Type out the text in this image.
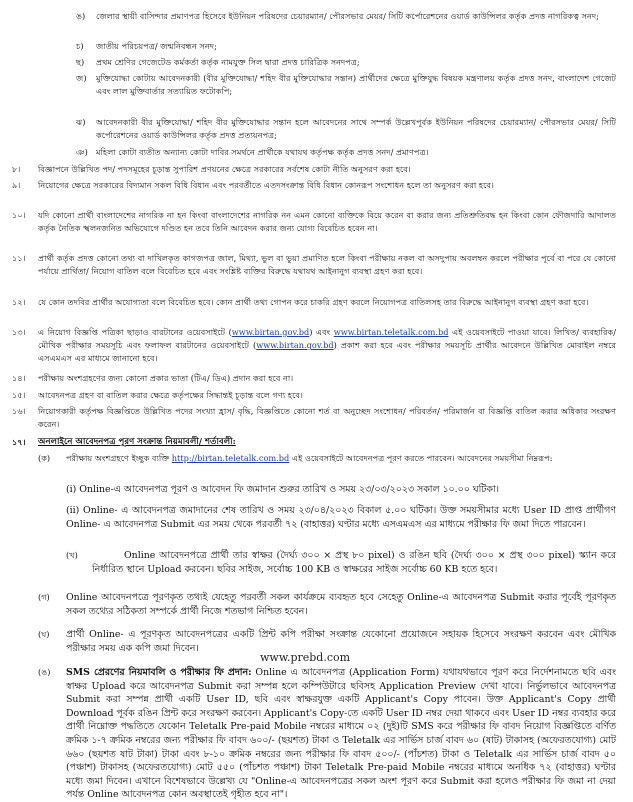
ঙ) জেলার স্থায়ী বাসিন্দার প্রমাণপত্র হিসেবে ইউনিয়ন পরিষদের চেয়ারম্যান/ পৌরসভার মেয়র/ সিটি কর্পোরেশনের ওয়ার্ড কাউন্সিলর কর্তৃক প্রদত্ত নাগরিকত্ব সনদ;
চ) জাতীয় পরিচয়পত্র/ জন্মনিবন্ধন সনদ;
ছ) প্রথম শ্রেণির গেজেটেড কর্মকর্তা কর্তৃক নামযুক্ত সিল দ্বারা প্রদত্ত চারিত্রিক সনদপত্র;
জ) মুক্তিযোদ্ধা কোটায় আবেদনকারী (বীর মুক্তিযোদ্ধা/ শহিদ বীর মুক্তিযোদ্ধার সন্তান) প্রার্থীদের ক্ষেত্রে মুক্তিযুদ্ধ বিষয়ক মন্ত্রণালয় কর্তৃক প্রদত্ত সনদ, বাংলাদেশ গেজেট এবং লাল মুক্তিবার্তার সত্যায়িত ফটোকপি;
ঝ) আবেদনকারী বীর মুক্তিযোদ্ধা/ শহিদ বীর মুক্তিযোদ্ধার সন্তান হলে আবেদনের সাথে সম্পর্ক উল্লেখপূর্বক ইউনিয়ন পরিষদের চেয়ারম্যান/ পৌরসভার মেয়র/ সিটি কর্পোরেশনের ওয়ার্ড কাউন্সিলর কর্তৃক প্রদত্ত প্রত্যয়নপত্র;
ঞ) মহিলা কোটা ব্যতীত অন্যান্য কোটা দাবির সমর্থনে প্রার্থীকে যথাযথ কর্তৃপক্ষ কর্তৃক প্রদত্ত সনদ/ প্রমাণপত্র।
৮।	বিজ্ঞাপনে উল্লিখিত পদ/ পদসমূহের চূড়ান্ত সুপারিশ প্রণয়নের ক্ষেত্রে সরকারের সর্বশেষ কোটা নীতি অনুসরণ করা হবে।
৯।	নিয়োগের ক্ষেত্রে সরকারের বিদ্যমান সকল বিধি বিধান এবং পরবর্তীতে এতদসংক্রান্ত বিধি বিধান কোনরূপ সংশোধন হলে তা অনুসরণ করা হবে।
১০।	যদি কোনো প্রার্থী বাংলাদেশের নাগরিক না হন কিংবা বাংলাদেশের নাগরিক নন এমন কোনো ব্যক্তিকে বিয়ে করেন বা করার জন্য প্রতিশ্রুতিবদ্ধ হন কিংবা কোন ফৌজদারি আদালত কর্তৃক নৈতিক স্খলনজনিত অভিযোগে দণ্ডিত হন তবে তিনি আবেদন করার জন্য যোগ্য বিবেচিত হবেন না।
১১।	প্রার্থী কর্তৃক প্রদত্ত কোনো তথ্য বা দাখিলকৃত কাগজপত্র জাল, মিথ্যা, ভুল বা ভুয়া প্রমাণিত হলে কিংবা পরীক্ষায় নকল বা অসদুপায় অবলম্বন করলে পরীক্ষার পূর্বে বা পরে যে কোনো পর্যায়ে প্রার্থিতা/ নিয়োগ বাতিল বলে বিবেচিত হবে এবং সংশ্লিষ্ট ব্যক্তির বিরুদ্ধে যথাযথ আইনানুগ ব্যবস্থা গ্রহণ করা হবে।
১২।	যে কোন তদবির প্রার্থীর অযোগ্যতা বলে বিবেচিত হবে। কোন প্রার্থী তথ্য গোপন করে চাকরি গ্রহণ করলে নিয়োগপত্র বাতিলসহ তার বিরুদ্ধে আইনানুগ ব্যবস্থা গ্রহণ করা হবে।
১৩।	এ নিয়োগ বিজ্ঞপ্তি পত্রিকা ছাড়াও বারটানের ওয়েবসাইটে (www.birtan.gov.bd) এবং www.birtan.teletalk.com.bd এই ওয়েবসাইটে পাওয়া যাবে। লিখিত/ ব্যবহারিক/ মৌখিক পরীক্ষার সময়সূচি এবং ফলাফল বারটানের ওয়েবসাইটে (www.birtan.gov.bd) প্রকাশ করা হবে এবং পরীক্ষার সময়সূচি প্রার্থীর আবেদনে উল্লিখিত মোবাইল নম্বরে এসএমএস এর মাধ্যমে জানানো হবে।
১৪।	পরীক্ষায় অংশগ্রহণের জন্য কোনো প্রকার ভাতা (টিএ/ ডিএ) প্রদান করা হবে না।
১৫।	আবেদনপত্র গ্রহণ বা বাতিল করার ক্ষেত্রে কর্তৃপক্ষের সিদ্ধান্তই চূড়ান্ত বলে গণ্য হবে।
১৬।	নিয়োগকারী কর্তৃপক্ষ বিজ্ঞপ্তিতে উল্লিখিত পদের সংখ্যা হ্রাস/ বৃদ্ধি, বিজ্ঞপ্তিতে কোনো শর্ত বা অনুচ্ছেদ সংশোধন/ পরিবর্তন/ পরিমার্জন বা বিজ্ঞপ্তি বাতিল করার অধিকার সংরক্ষণ করেন।
১৭।	অনলাইনে আবেদনপত্র পূরণ সংক্রান্ত নিয়মাবলী/ শর্তাবলী:
(ক) পরীক্ষায় অংশগ্রহণে ইচ্ছুক ব্যক্তি http://birtan.teletalk.com.bd এই ওয়েবসাইটে আবেদনপত্র পূরণ করতে পারবেন। আবেদনের সময়সীমা নিম্নরূপ:
(i) Online-এ আবেদনপত্র পূরণ ও আবেদন ফি জমাদান শুরুর তারিখ ও সময় ২৩/০৩/২০২৩ সকাল ১০.০০ ঘটিকা।
(ii) Online- এ আবেদনপত্র জমাদানের শেষ তারিখ ও সময় ২৩/০৪/২০২৩ বিকাল ৫.০০ ঘটিকা। উক্ত সময়সীমার মধ্যে User ID প্রাপ্ত প্রার্থীগণ Online- এ আবেদনপত্র Submit এর সময় থেকে পরবর্তী ৭২ (বাহাত্তর) ঘণ্টার মধ্যে এসএমএস এর মাধ্যমে পরীক্ষার ফি জমা দিতে পারবেন।
(খ)	Online আবেদনপত্রে প্রার্থী তার স্বাক্ষর (দৈর্ঘ্য ৩০০ × প্রস্থ ৮০ pixel) ও রঙিন ছবি (দৈর্ঘ্য ৩০০ × প্রস্থ ৩০০ pixel) স্ক্যান করে নির্ধারিত স্থানে Upload করবেন। ছবির সাইজ, সর্বোচ্চ 100 KB ও স্বাক্ষরের সাইজ সর্বোচ্চ 60 KB হতে হবে।
(গ) Online আবেদনপত্রে পূরণকৃত তথ্যই যেহেতু পরবর্তী সকল কার্যক্রমে ব্যবহৃত হবে সেহেতু Online-এ আবেদনপত্র Submit করার পূর্বেই পূরণকৃত সকল তথ্যের সঠিকতা সম্পর্কে প্রার্থী নিজে শতভাগ নিশ্চিত হবেন।
(ঘ) প্রার্থী Online- এ পূরণকৃত আবেদনপত্রের একটি প্রিন্ট কপি পরীক্ষা সংক্রান্ত যেকোনো প্রয়োজনে সহায়ক হিসেবে সংরক্ষণ করবেন এবং মৌখিক পরীক্ষার সময় এক কপি জমা দিবেন।
www.prebd.com
(ঙ) SMS প্রেরণের নিয়মাবলি ও পরীক্ষার ফি প্রদান: Online এ আবেদনপত্র (Application Form) যথাযথভাবে পূরণ করে নির্দেশনামতে ছবি এবং স্বাক্ষর Upload করে আবেদনপত্র Submit করা সম্পন্ন হলে কম্পিউটারে ছবিসহ Application Preview দেখা যাবে। নির্ভুলভাবে আবেদনপত্র Submit করা সম্পন্ন প্রার্থী একটি User ID, ছবি এবং স্বাক্ষরযুক্ত একটি Applicant's Copy পাবেন। উক্ত Applicant's Copy প্রার্থী Download পূর্বক রঙিন প্রিন্ট করে সংরক্ষণ করবেন। Applicant's Copy-তে একটি User ID নম্বর দেয়া থাকবে এবং User ID নম্বর ব্যবহার করে প্রার্থী নিম্নোক্ত পদ্ধতিতে যেকোন Teletalk Pre-paid Mobile নম্বরের মাধ্যমে ০২ (দুই)টি SMS করে পরীক্ষার ফি বাবদ নিয়োগ বিজ্ঞপ্তিতে বর্ণিত ক্রমিক ১-৭ ক্রমিক নম্বরের জন্য পরীক্ষার ফি বাবদ ৬০০/- (ছয়শত) টাকা ও Teletalk এর সার্ভিস চার্জ বাবদ ৬০ (ষাট) টাকাসহ (অফেরতযোগ্য) মোট ৬৬০ (ছয়শত ষাট টাকা) টাকা এবং ৮-১০ ক্রমিক নম্বরের জন্য পরীক্ষার ফি বাবদ ৫০০/- (পাঁচশত) টাকা ও Teletalk এর সার্ভিস চার্জ বাবদ ৫০ (পঞ্চাশ) টাকাসহ (অফেরতযোগ্য) মোট ৫৫০ (পাঁচশত পঞ্চাশ) টাকা Teletalk Pre-paid Mobile নম্বরের মাধ্যমে অনধিক ৭২ (বাহাত্তর) ঘণ্টার মধ্যে জমা দিবেন। এখানে বিশেষভাবে উল্লেখ্য যে "Online-এ আবেদনপত্রের সকল অংশ পূরণ করে Submit করা হলেও পরীক্ষার ফি জমা না দেয়া পর্যন্ত Online আবেদনপত্র কোন অবস্থাতেই গৃহীত হবে না"।
